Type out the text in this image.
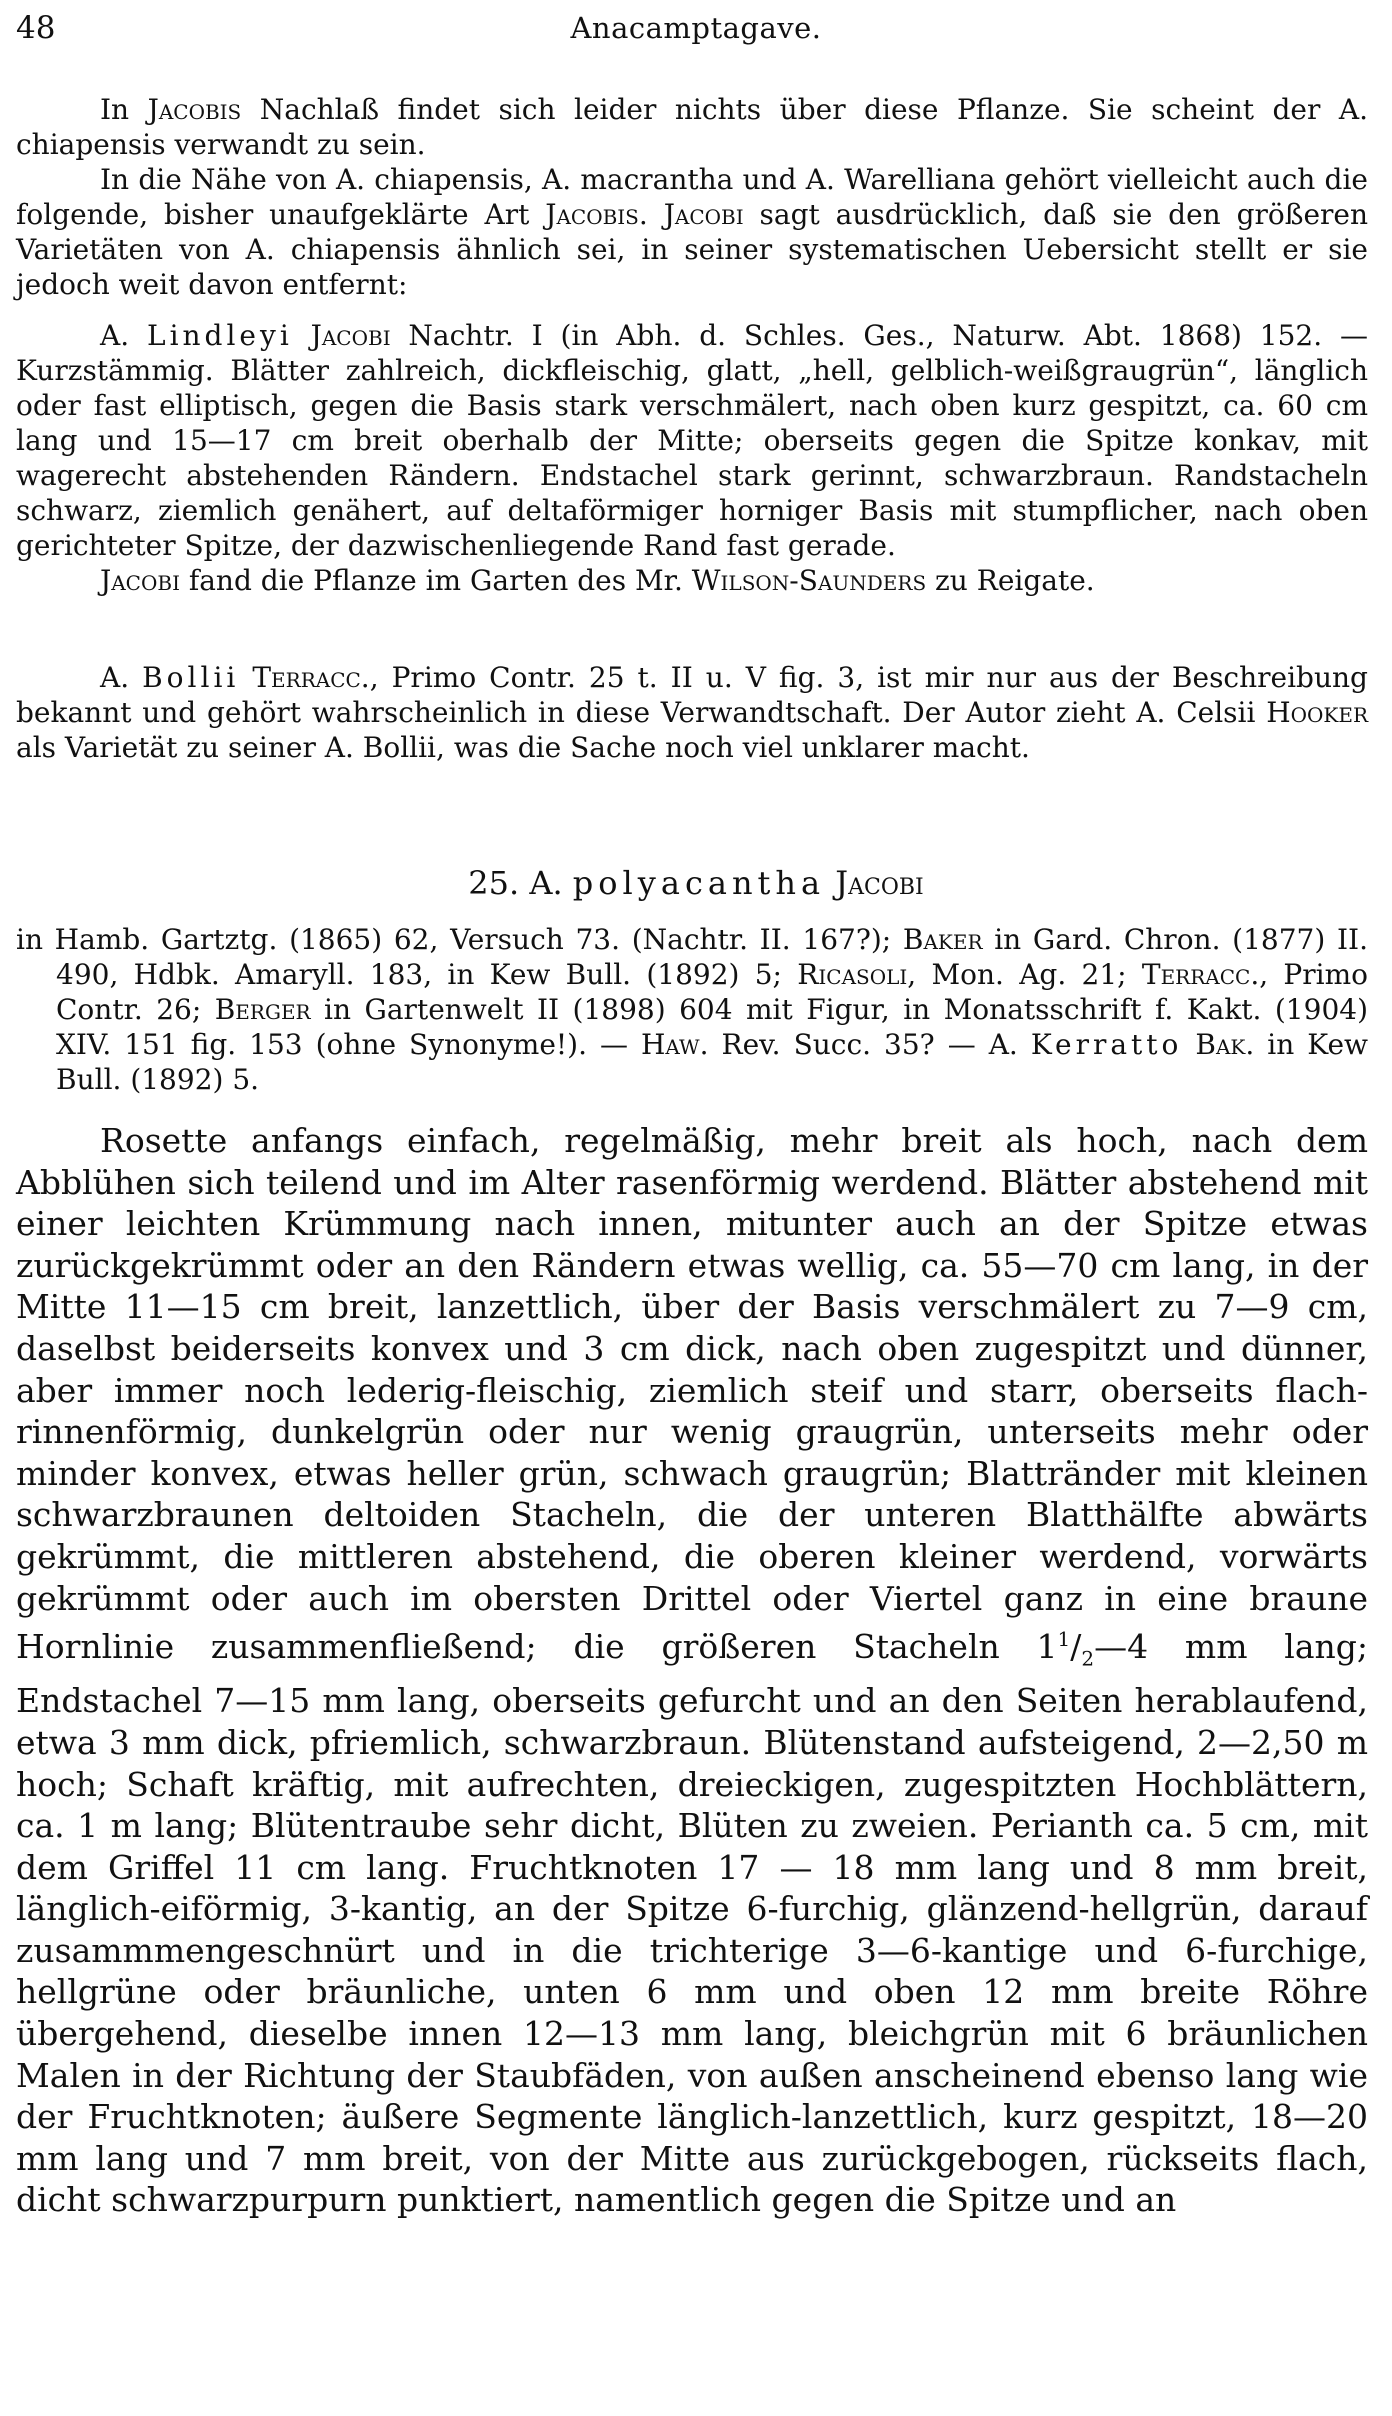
48	Anacamptagave.

In Jacobis Nachlaß findet sich leider nichts über diese Pflanze. Sie scheint der A. chiapensis verwandt zu sein.

In die Nähe von A. chiapensis, A. macrantha und A. Warelliana gehört vielleicht auch die folgende, bisher unaufgeklärte Art Jacobis. Jacobi sagt ausdrücklich, daß sie den größeren Varietäten von A. chiapensis ähnlich sei, in seiner systematischen Uebersicht stellt er sie jedoch weit davon entfernt:

A. Lindleyi Jacobi Nachtr. I (in Abh. d. Schles. Ges., Naturw. Abt. 1868) 152. — Kurzstämmig. Blätter zahlreich, dickfleischig, glatt, „hell, gelblich-weißgraugrün“, länglich oder fast elliptisch, gegen die Basis stark verschmälert, nach oben kurz gespitzt, ca. 60 cm lang und 15—17 cm breit oberhalb der Mitte; oberseits gegen die Spitze konkav, mit wagerecht abstehenden Rändern. Endstachel stark gerinnt, schwarzbraun. Randstacheln schwarz, ziemlich genähert, auf deltaförmiger horniger Basis mit stumpflicher, nach oben gerichteter Spitze, der dazwischenliegende Rand fast gerade.

Jacobi fand die Pflanze im Garten des Mr. Wilson-Saunders zu Reigate.

A. Bollii Terracc., Primo Contr. 25 t. II u. V fig. 3, ist mir nur aus der Beschreibung bekannt und gehört wahrscheinlich in diese Verwandtschaft. Der Autor zieht A. Celsii Hooker als Varietät zu seiner A. Bollii, was die Sache noch viel unklarer macht.

25. A. polyacantha Jacobi

in Hamb. Gartztg. (1865) 62, Versuch 73. (Nachtr. II. 167?); Baker in Gard. Chron. (1877) II. 490, Hdbk. Amaryll. 183, in Kew Bull. (1892) 5; Ricasoli, Mon. Ag. 21; Terracc., Primo Contr. 26; Berger in Gartenwelt II (1898) 604 mit Figur, in Monatsschrift f. Kakt. (1904) XIV. 151 fig. 153 (ohne Synonyme!). — Haw. Rev. Succ. 35? — A. Kerratto Bak. in Kew Bull. (1892) 5.

Rosette anfangs einfach, regelmäßig, mehr breit als hoch, nach dem Abblühen sich teilend und im Alter rasenförmig werdend. Blätter abstehend mit einer leichten Krümmung nach innen, mitunter auch an der Spitze etwas zurückgekrümmt oder an den Rändern etwas wellig, ca. 55—70 cm lang, in der Mitte 11—15 cm breit, lanzettlich, über der Basis verschmälert zu 7—9 cm, daselbst beiderseits konvex und 3 cm dick, nach oben zugespitzt und dünner, aber immer noch lederig-fleischig, ziemlich steif und starr, oberseits flach-rinnenförmig, dunkelgrün oder nur wenig graugrün, unterseits mehr oder minder konvex, etwas heller grün, schwach graugrün; Blattränder mit kleinen schwarzbraunen deltoiden Stacheln, die der unteren Blatthälfte abwärts gekrümmt, die mittleren abstehend, die oberen kleiner werdend, vorwärts gekrümmt oder auch im obersten Drittel oder Viertel ganz in eine braune Hornlinie zusammenfließend; die größeren Stacheln $1^1/_2—4$ mm lang; Endstachel 7—15 mm lang, oberseits gefurcht und an den Seiten herablaufend, etwa 3 mm dick, pfriemlich, schwarzbraun. Blütenstand aufsteigend, 2—2,50 m hoch; Schaft kräftig, mit aufrechten, dreieckigen, zugespitzten Hochblättern, ca. 1 m lang; Blütentraube sehr dicht, Blüten zu zweien. Perianth ca. 5 cm, mit dem Griffel 11 cm lang. Fruchtknoten 17 — 18 mm lang und 8 mm breit, länglich-eiförmig, 3-kantig, an der Spitze 6-furchig, glänzend-hellgrün, darauf zusammmengeschnürt und in die trichterige 3—6-kantige und 6-furchige, hellgrüne oder bräunliche, unten 6 mm und oben 12 mm breite Röhre übergehend, dieselbe innen 12—13 mm lang, bleichgrün mit 6 bräunlichen Malen in der Richtung der Staubfäden, von außen anscheinend ebenso lang wie der Fruchtknoten; äußere Segmente länglich-lanzettlich, kurz gespitzt, 18—20 mm lang und 7 mm breit, von der Mitte aus zurückgebogen, rückseits flach, dicht schwarzpurpurn punktiert, namentlich gegen die Spitze und an
